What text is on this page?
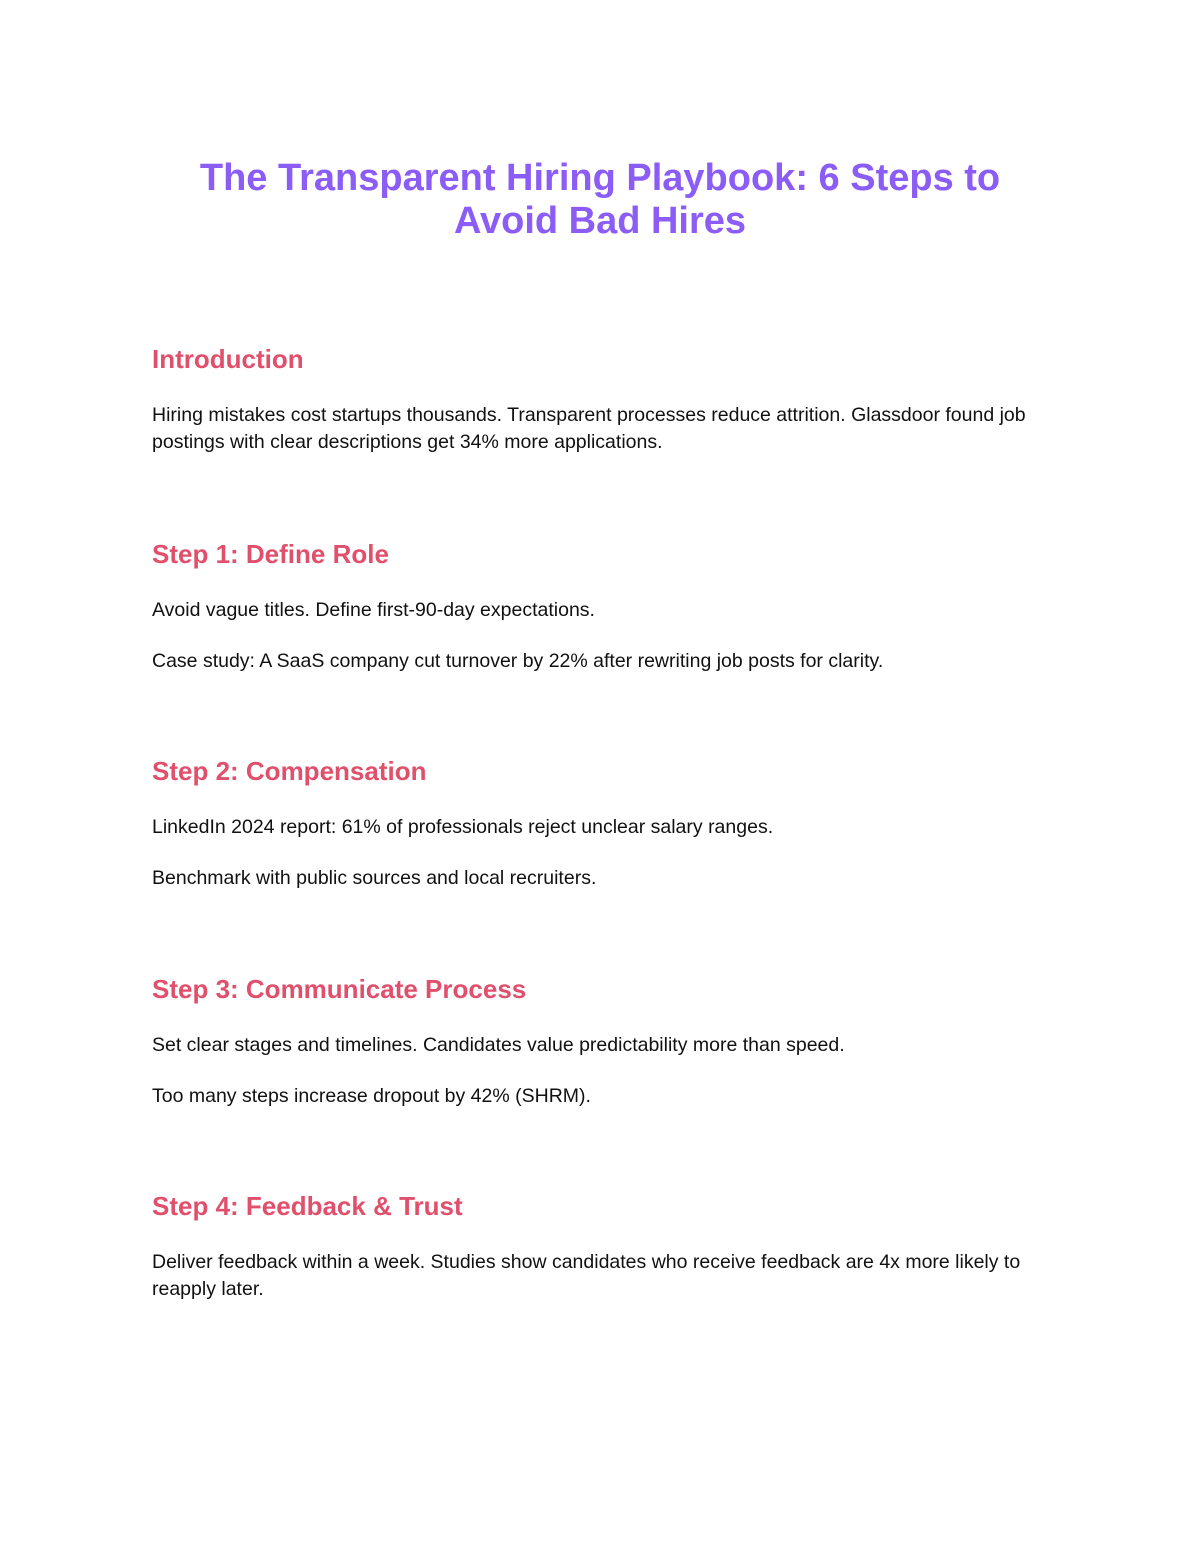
The Transparent Hiring Playbook: 6 Steps to Avoid Bad Hires
Introduction

Hiring mistakes cost startups thousands. Transparent processes reduce attrition. Glassdoor found job postings with clear descriptions get 34% more applications.

Step 1: Define Role

Avoid vague titles. Define first-90-day expectations.

Case study: A SaaS company cut turnover by 22% after rewriting job posts for clarity.

Step 2: Compensation

LinkedIn 2024 report: 61% of professionals reject unclear salary ranges.

Benchmark with public sources and local recruiters.

Step 3: Communicate Process

Set clear stages and timelines. Candidates value predictability more than speed.

Too many steps increase dropout by 42% (SHRM).

Step 4: Feedback & Trust

Deliver feedback within a week. Studies show candidates who receive feedback are 4x more likely to reapply later.
